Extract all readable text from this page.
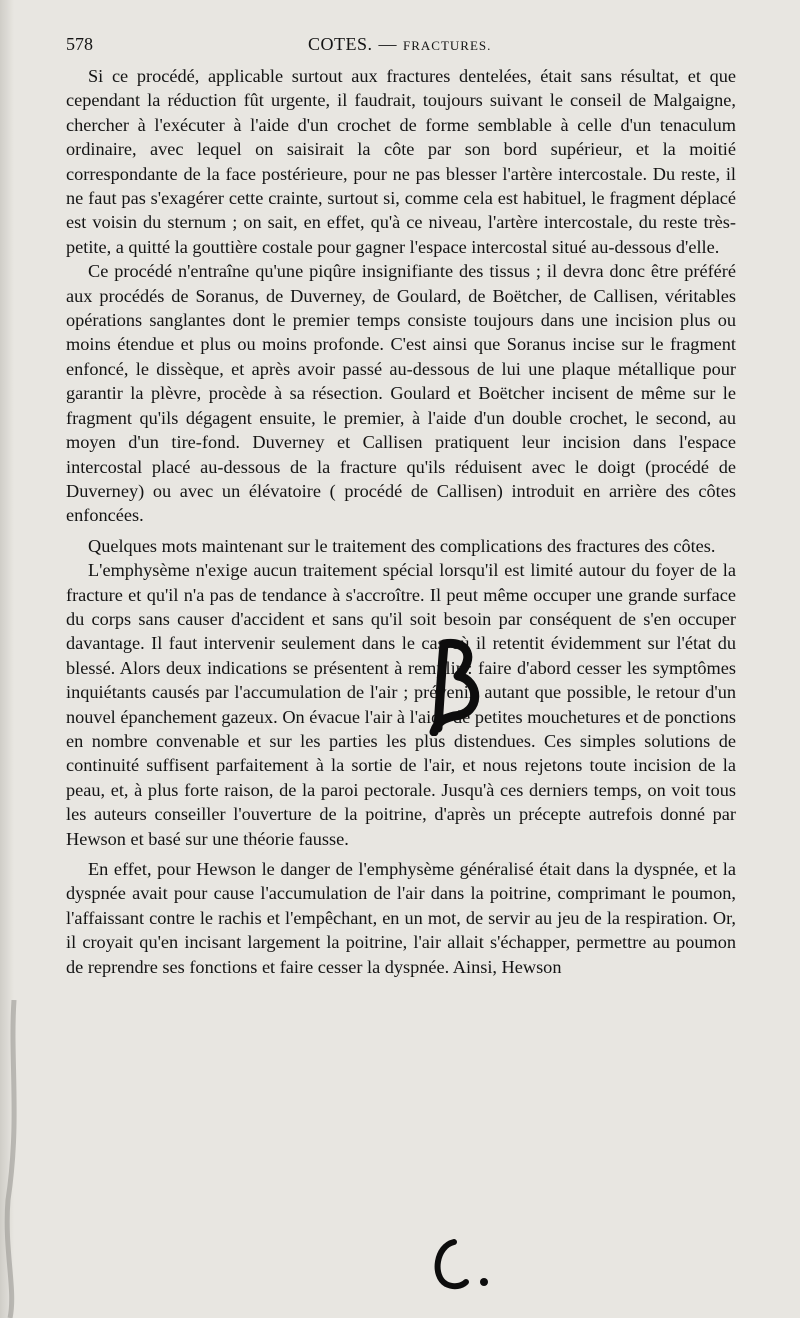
578	COTES. — FRACTURES.

Si ce procédé, applicable surtout aux fractures dentelées, était sans résultat, et que cependant la réduction fût urgente, il faudrait, toujours suivant le conseil de Malgaigne, chercher à l'exécuter à l'aide d'un crochet de forme semblable à celle d'un tenaculum ordinaire, avec lequel on saisirait la côte par son bord supérieur, et la moitié correspondante de la face postérieure, pour ne pas blesser l'artère intercostale. Du reste, il ne faut pas s'exagérer cette crainte, surtout si, comme cela est habituel, le fragment déplacé est voisin du sternum ; on sait, en effet, qu'à ce niveau, l'artère intercostale, du reste très-petite, a quitté la gouttière costale pour gagner l'espace intercostal situé au-dessous d'elle.

Ce procédé n'entraîne qu'une piqûre insignifiante des tissus ; il devra donc être préféré aux procédés de Soranus, de Duverney, de Goulard, de Boëtcher, de Callisen, véritables opérations sanglantes dont le premier temps consiste toujours dans une incision plus ou moins étendue et plus ou moins profonde. C'est ainsi que Soranus incise sur le fragment enfoncé, le dissèque, et après avoir passé au-dessous de lui une plaque métallique pour garantir la plèvre, procède à sa résection. Goulard et Boëtcher incisent de même sur le fragment qu'ils dégagent ensuite, le premier, à l'aide d'un double crochet, le second, au moyen d'un tire-fond. Duverney et Callisen pratiquent leur incision dans l'espace intercostal placé au-dessous de la fracture qu'ils réduisent avec le doigt (procédé de Duverney) ou avec un élévatoire ( procédé de Callisen) introduit en arrière des côtes enfoncées.

Quelques mots maintenant sur le traitement des complications des fractures des côtes.

L'emphysème n'exige aucun traitement spécial lorsqu'il est limité autour du foyer de la fracture et qu'il n'a pas de tendance à s'accroître. Il peut même occuper une grande surface du corps sans causer d'accident et sans qu'il soit besoin par conséquent de s'en occuper davantage. Il faut intervenir seulement dans le cas où il retentit évidemment sur l'état du blessé. Alors deux indications se présentent à remplir : faire d'abord cesser les symptômes inquiétants causés par l'accumulation de l'air ; prévenir, autant que possible, le retour d'un nouvel épanchement gazeux. On évacue l'air à l'aide de petites mouchetures et de ponctions en nombre convenable et sur les parties les plus distendues. Ces simples solutions de continuité suffisent parfaitement à la sortie de l'air, et nous rejetons toute incision de la peau, et, à plus forte raison, de la paroi pectorale. Jusqu'à ces derniers temps, on voit tous les auteurs conseiller l'ouverture de la poitrine, d'après un précepte autrefois donné par Hewson et basé sur une théorie fausse.

En effet, pour Hewson le danger de l'emphysème généralisé était dans la dyspnée, et la dyspnée avait pour cause l'accumulation de l'air dans la poitrine, comprimant le poumon, l'affaissant contre le rachis et l'empêchant, en un mot, de servir au jeu de la respiration. Or, il croyait qu'en incisant largement la poitrine, l'air allait s'échapper, permettre au poumon de reprendre ses fonctions et faire cesser la dyspnée. Ainsi, Hewson
